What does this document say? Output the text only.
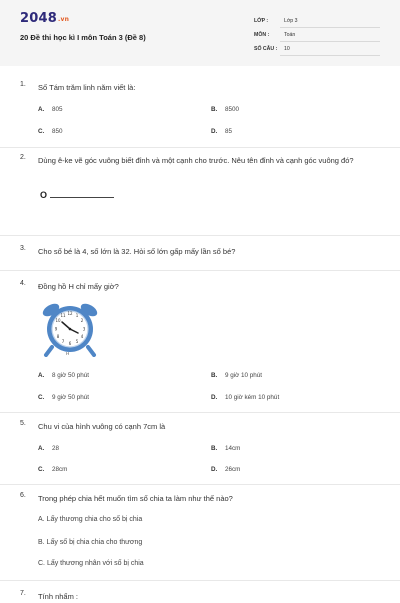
2048.vn
20 Đề thi học kì I môn Toán 3 (Đề 8)
LỚP :	Lớp 3
MÔN :	Toán
SỐ CÂU : 10
1. Số Tám trăm linh năm viết là:
A. 805	B. 8500
C. 850	D. 85
2. Dùng ê-ke vẽ góc vuông biết đỉnh và một cạnh cho trước. Nêu tên đỉnh và cạnh góc vuông đó?
O
3. Cho số bé là 4, số lớn là 32. Hỏi số lớn gấp mấy lần số bé?
4. Đồng hồ H chỉ mấy giờ?
12 1
2
3
4
5
6
7
8
9
10
11
H
A. 8 giờ 50 phút	B. 9 giờ 10 phút
C. 9 giờ 50 phút	D. 10 giờ kém 10 phút
5. Chu vi của hình vuông có cạnh 7cm là
A. 28	B. 14cm
C. 28cm	D. 26cm
6. Trong phép chia hết muốn tìm số chia ta làm như thế nào?
A. Lấy thương chia cho số bị chia
B. Lấy số bị chia chia cho thương
C. Lấy thương nhân với số bị chia
7. Tính nhẩm :
